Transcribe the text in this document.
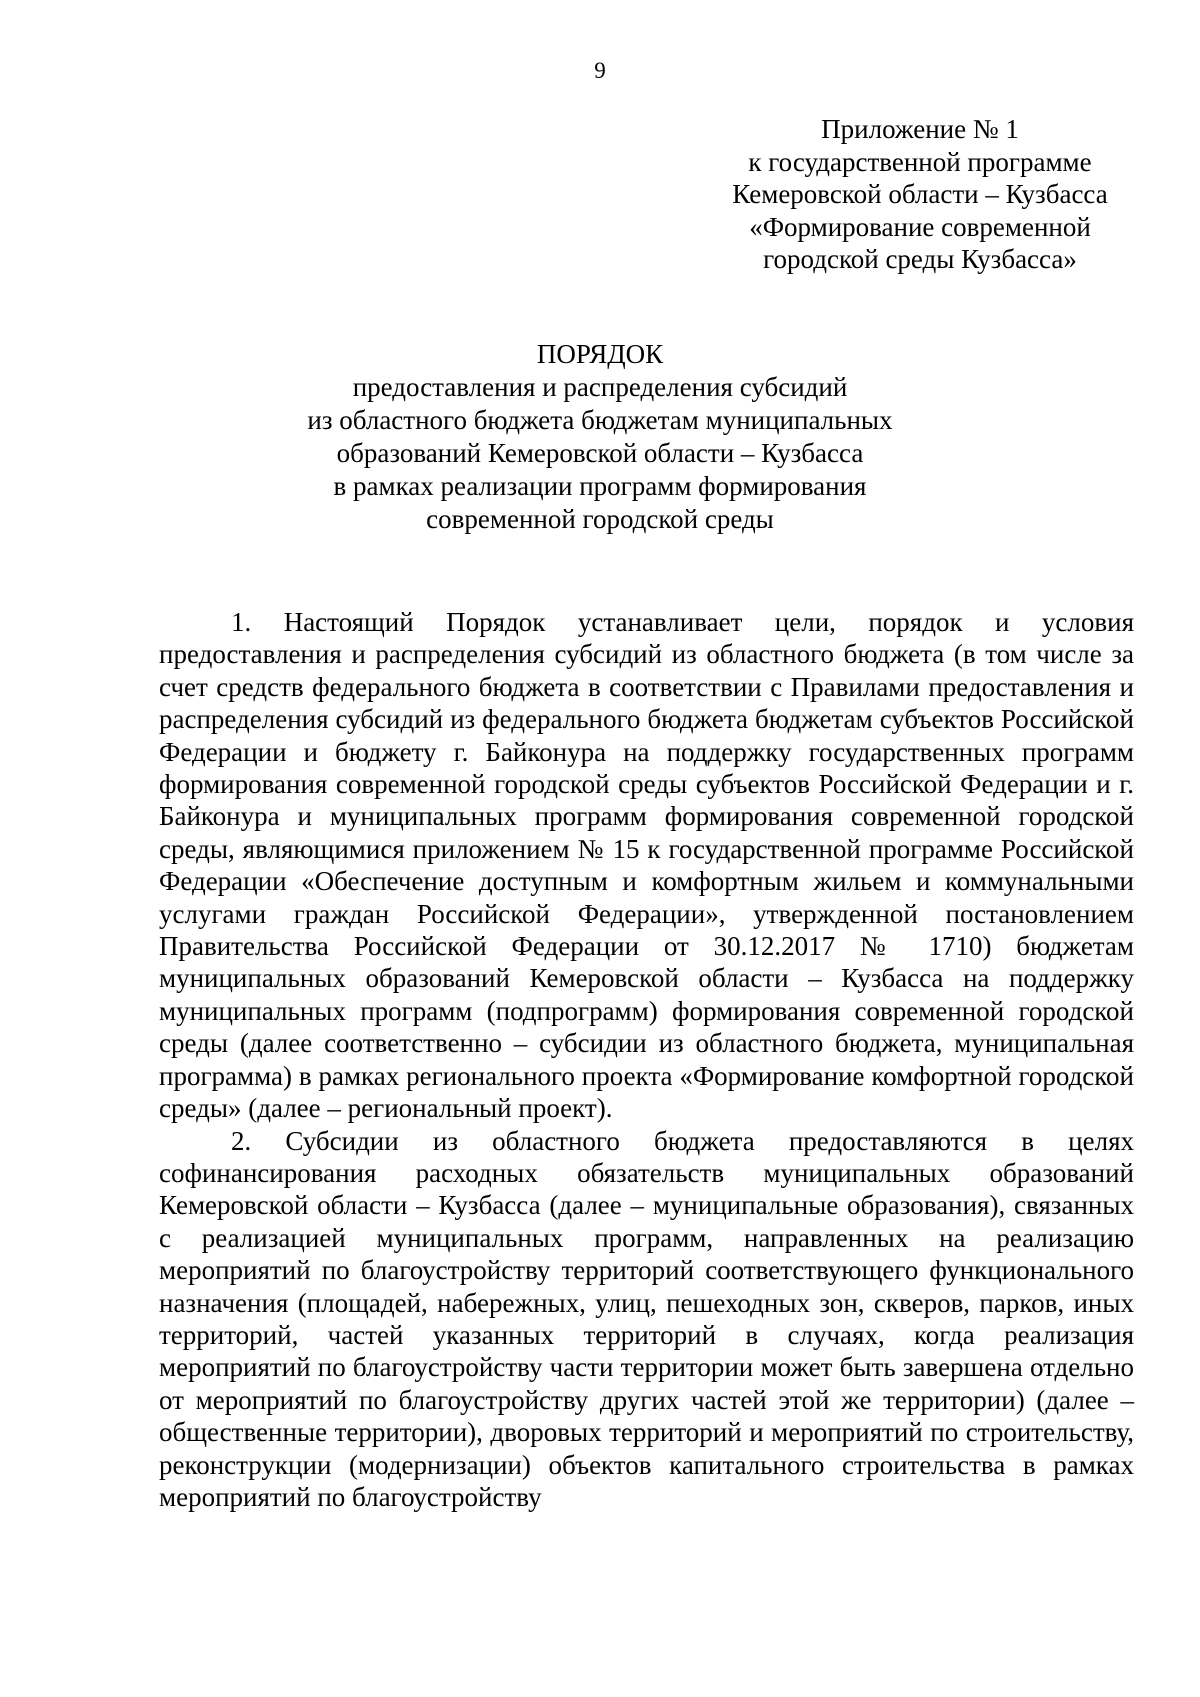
9
Приложение № 1
к государственной программе
Кемеровской области – Кузбасса
«Формирование современной
городской среды Кузбасса»
ПОРЯДОК
предоставления и распределения субсидий
из областного бюджета бюджетам муниципальных
образований Кемеровской области – Кузбасса
в рамках реализации программ формирования
современной городской среды

1. Настоящий Порядок устанавливает цели, порядок и условия предоставления и распределения субсидий из областного бюджета (в том числе за счет средств федерального бюджета в соответствии с Правилами предоставления и распределения субсидий из федерального бюджета бюджетам субъектов Российской Федерации и бюджету г. Байконура на поддержку государственных программ формирования современной городской среды субъектов Российской Федерации и г. Байконура и муниципальных программ формирования современной городской среды, являющимися приложением № 15 к государственной программе Российской Федерации «Обеспечение доступным и комфортным жильем и коммунальными услугами граждан Российской Федерации», утвержденной постановлением Правительства Российской Федерации от 30.12.2017 № 1710) бюджетам муниципальных образований Кемеровской области – Кузбасса на поддержку муниципальных программ (подпрограмм) формирования современной городской среды (далее соответственно – субсидии из областного бюджета, муниципальная программа) в рамках регионального проекта «Формирование комфортной городской среды» (далее – региональный проект).

2. Субсидии из областного бюджета предоставляются в целях софинансирования расходных обязательств муниципальных образований Кемеровской области – Кузбасса (далее – муниципальные образования), связанных с реализацией муниципальных программ, направленных на реализацию мероприятий по благоустройству территорий соответствующего функционального назначения (площадей, набережных, улиц, пешеходных зон, скверов, парков, иных территорий, частей указанных территорий в случаях, когда реализация мероприятий по благоустройству части территории может быть завершена отдельно от мероприятий по благоустройству других частей этой же территории) (далее – общественные территории), дворовых территорий и мероприятий по строительству, реконструкции (модернизации) объектов капитального строительства в рамках мероприятий по благоустройству
